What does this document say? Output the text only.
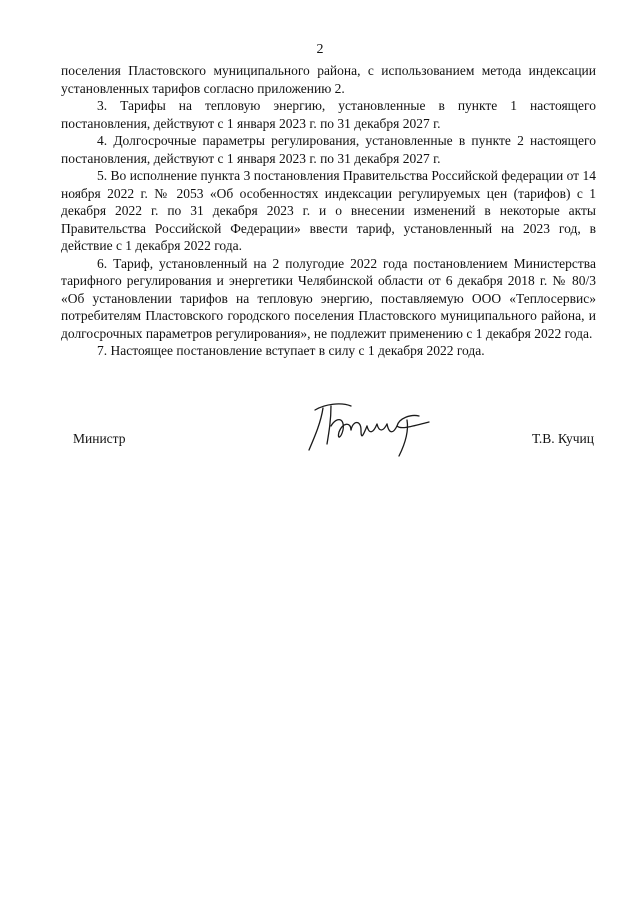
2

поселения Пластовского муниципального района, с использованием метода индексации установленных тарифов согласно приложению 2.

3. Тарифы на тепловую энергию, установленные в пункте 1 настоящего постановления, действуют с 1 января 2023 г. по 31 декабря 2027 г.

4. Долгосрочные параметры регулирования, установленные в пункте 2 настоящего постановления, действуют с 1 января 2023 г. по 31 декабря 2027 г.

5. Во исполнение пункта 3 постановления Правительства Российской федерации от 14 ноября 2022 г. № 2053 «Об особенностях индексации регулируемых цен (тарифов) с 1 декабря 2022 г. по 31 декабря 2023 г. и о внесении изменений в некоторые акты Правительства Российской Федерации» ввести тариф, установленный на 2023 год, в действие с 1 декабря 2022 года.

6. Тариф, установленный на 2 полугодие 2022 года постановлением Министерства тарифного регулирования и энергетики Челябинской области от 6 декабря 2018 г. № 80/3 «Об установлении тарифов на тепловую энергию, поставляемую ООО «Теплосервис» потребителям Пластовского городского поселения Пластовского муниципального района, и долгосрочных параметров регулирования», не подлежит применению с 1 декабря 2022 года.

7. Настоящее постановление вступает в силу с 1 декабря 2022 года.

Министр	Т.В. Кучиц
